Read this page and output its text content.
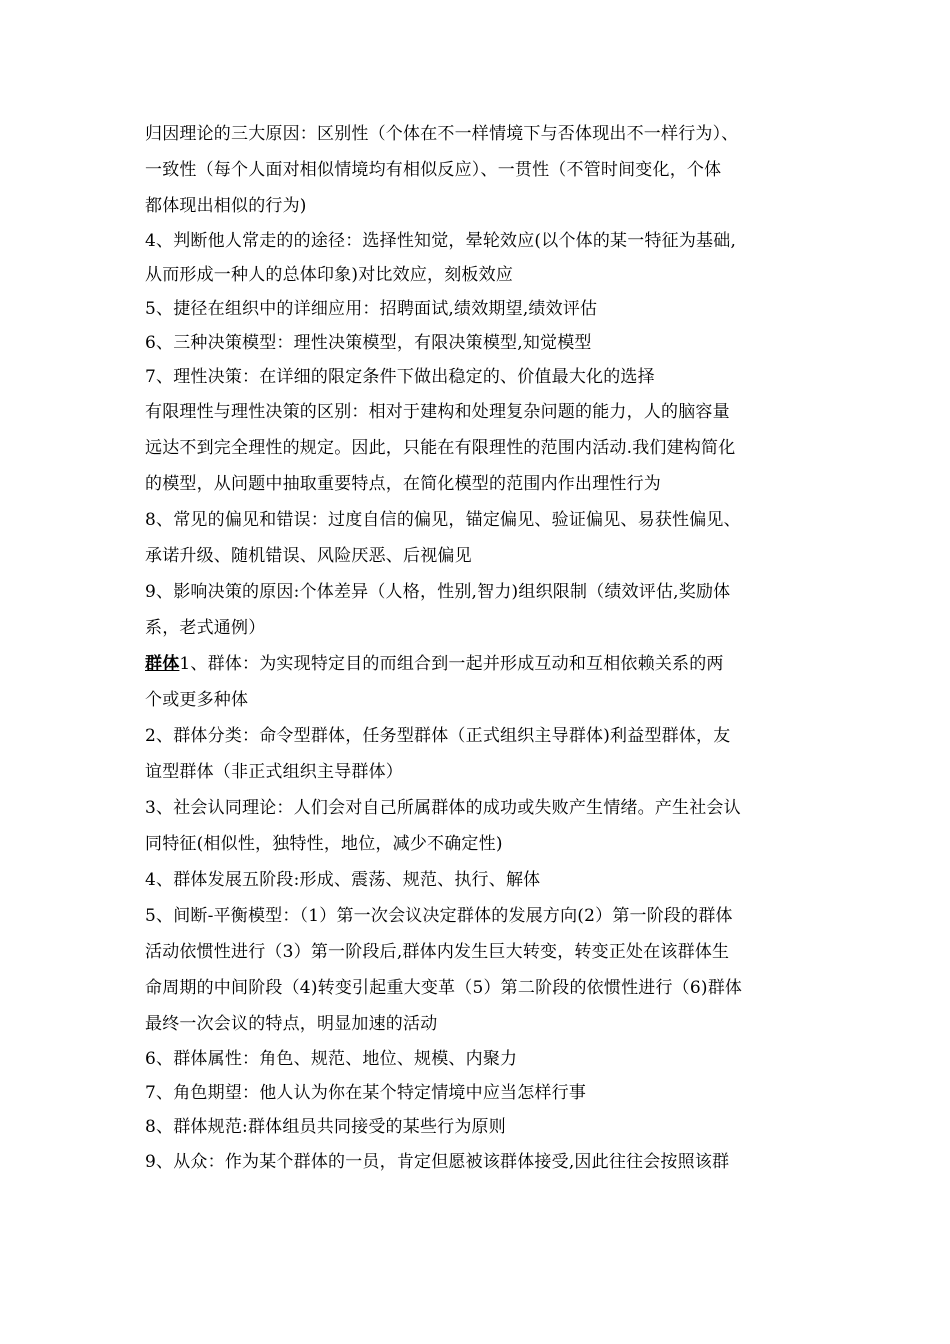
归因理论的三大原因：区别性（个体在不一样情境下与否体现出不一样行为）、
一致性（每个人面对相似情境均有相似反应）、一贯性（不管时间变化，个体
都体现出相似的行为)
4、判断他人常走的的途径：选择性知觉，晕轮效应(以个体的某一特征为基础,
从而形成一种人的总体印象)对比效应，刻板效应
5、捷径在组织中的详细应用：招聘面试,绩效期望,绩效评估
6、三种决策模型：理性决策模型，有限决策模型,知觉模型
7、理性决策：在详细的限定条件下做出稳定的、价值最大化的选择
有限理性与理性决策的区别：相对于建构和处理复杂问题的能力，人的脑容量
远达不到完全理性的规定。因此，只能在有限理性的范围内活动.我们建构简化
的模型，从问题中抽取重要特点，在简化模型的范围内作出理性行为
8、常见的偏见和错误：过度自信的偏见，锚定偏见、验证偏见、易获性偏见、
承诺升级、随机错误、风险厌恶、后视偏见
9、影响决策的原因:个体差异（人格，性别,智力)组织限制（绩效评估,奖励体
系，老式通例）
群体1、群体：为实现特定目的而组合到一起并形成互动和互相依赖关系的两
个或更多种体
2、群体分类：命令型群体，任务型群体（正式组织主导群体)利益型群体，友
谊型群体（非正式组织主导群体）
3、社会认同理论：人们会对自己所属群体的成功或失败产生情绪。产生社会认
同特征(相似性，独特性，地位，减少不确定性)
4、群体发展五阶段:形成、震荡、规范、执行、解体
5、间断-平衡模型：（1）第一次会议决定群体的发展方向(2）第一阶段的群体
活动依惯性进行（3）第一阶段后,群体内发生巨大转变，转变正处在该群体生
命周期的中间阶段（4)转变引起重大变革（5）第二阶段的依惯性进行（6)群体
最终一次会议的特点，明显加速的活动
6、群体属性：角色、规范、地位、规模、内聚力
7、角色期望：他人认为你在某个特定情境中应当怎样行事
8、群体规范:群体组员共同接受的某些行为原则
9、从众：作为某个群体的一员，肯定但愿被该群体接受,因此往往会按照该群
